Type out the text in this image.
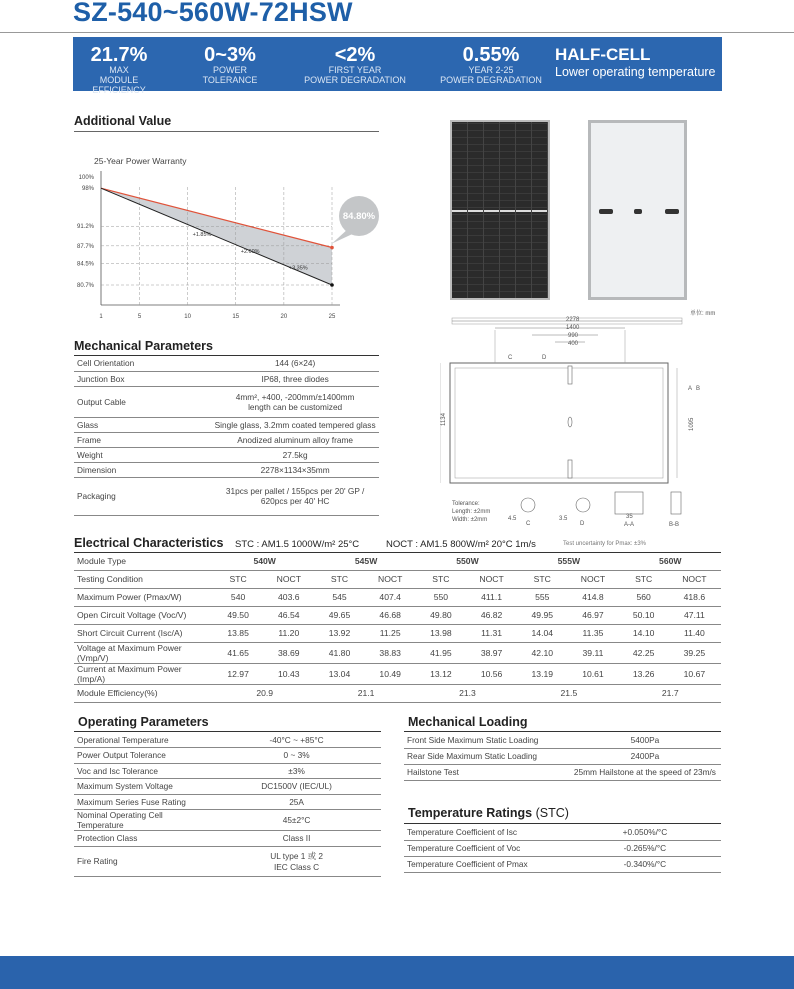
SZ-540~560W-72HSW
21.7%
MAX MODULE
EFFICIENCY
0~3%
POWER
TOLERANCE
<2%
FIRST YEAR
POWER DEGRADATION
0.55%
YEAR 2-25
POWER DEGRADATION
HALF-CELL
Lower operating temperature
Additional Value
25-Year Power Warranty
100%
98%
91.2%
87.7%
84.5%
80.7%
1	5	10	15	20	25
+1.85%
+2.60%
+3.35%
84.80%
单位: mm
2278
1400
990
400
1134	1095
C	D
A B
Tolerance:
Length: ±2mm
Width: ±2mm	4.5	3.5
C	D	A-A	B-B
35
Mechanical Parameters
Cell Orientation	144 (6×24)
Junction Box	IP68, three diodes
Output Cable	4mm², +400, -200mm/±1400mm
length can be customized
Glass	Single glass, 3.2mm coated tempered glass
Frame	Anodized aluminum alloy frame
Weight	27.5kg
Dimension	2278×1134×35mm
Packaging	31pcs per pallet / 155pcs per 20' GP / 620pcs per 40' HC
Electrical Characteristics STC : AM1.5 1000W/m² 25°C	NOCT : AM1.5 800W/m² 20°C 1m/s	Test uncertainty for Pmax: ±3%
Module Type	540W		545W		550W		555W		560W	
Testing Condition	STC	NOCT	STC	NOCT	STC	NOCT	STC	NOCT	STC	NOCT
Maximum Power (Pmax/W)	540	403.6	545	407.4	550	411.1	555	414.8	560	418.6
Open Circuit Voltage (Voc/V)	49.50	46.54	49.65	46.68	49.80	46.82	49.95	46.97	50.10	47.11
Short Circuit Current (Isc/A)	13.85	11.20	13.92	11.25	13.98	11.31	14.04	11.35	14.10	11.40
Voltage at Maximum Power (Vmp/V)	41.65	38.69	41.80	38.83	41.95	38.97	42.10	39.11	42.25	39.25
Current at Maximum Power (Imp/A)	12.97	10.43	13.04	10.49	13.12	10.56	13.19	10.61	13.26	10.67
Module Efficiency(%)	20.9		21.1		21.3		21.5		21.7	
Operating Parameters
Operational Temperature	-40°C ~ +85°C
Power Output Tolerance	0 ~ 3%
Voc and Isc Tolerance	±3%
Maximum System Voltage	DC1500V (IEC/UL)
Maximum Series Fuse Rating	25A
Nominal Operating Cell Temperature	45±2°C
Protection Class	Class II
Fire Rating	UL type 1 或 2
IEC Class C
Mechanical Loading
Front Side Maximum Static Loading	5400Pa
Rear Side Maximum Static Loading	2400Pa
Hailstone Test	25mm Hailstone at the speed of 23m/s
Temperature Ratings (STC)
Temperature Coefficient of Isc	+0.050%/°C
Temperature Coefficient of Voc	-0.265%/°C
Temperature Coefficient of Pmax	-0.340%/°C
